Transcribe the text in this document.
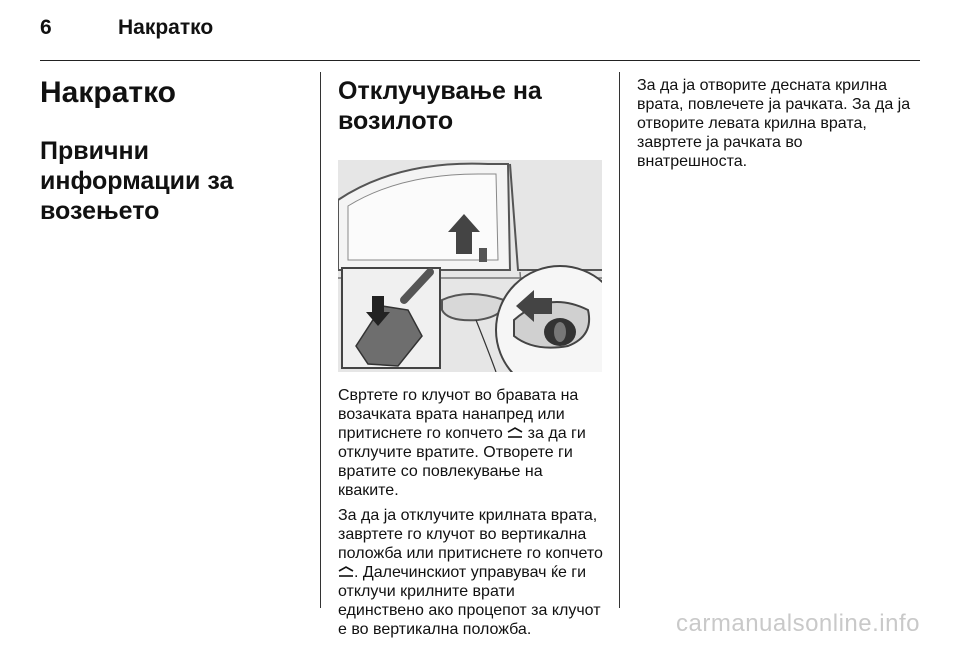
6	Накратко
Накратко
Првични информации за возењето
Отклучување на возилото

Свртете го клучот во бравата на возачката врата нанапред или притиснете го копчето  за да ги отклучите вратите. Отворете ги вратите со повлекување на кваките.

За да ја отклучите крилната врата, завртете го клучот во вертикална положба или притиснете го копчето . Далечинскиот управувач ќе ги отклучи крилните врати единствено ако процепот за клучот е во вертикална положба.

За да ја отворите десната крилна врата, повлечете ја рачката. За да ја отворите левата крилна врата, завртете ја рачката во внатрешноста.

carmanualsonline.info
